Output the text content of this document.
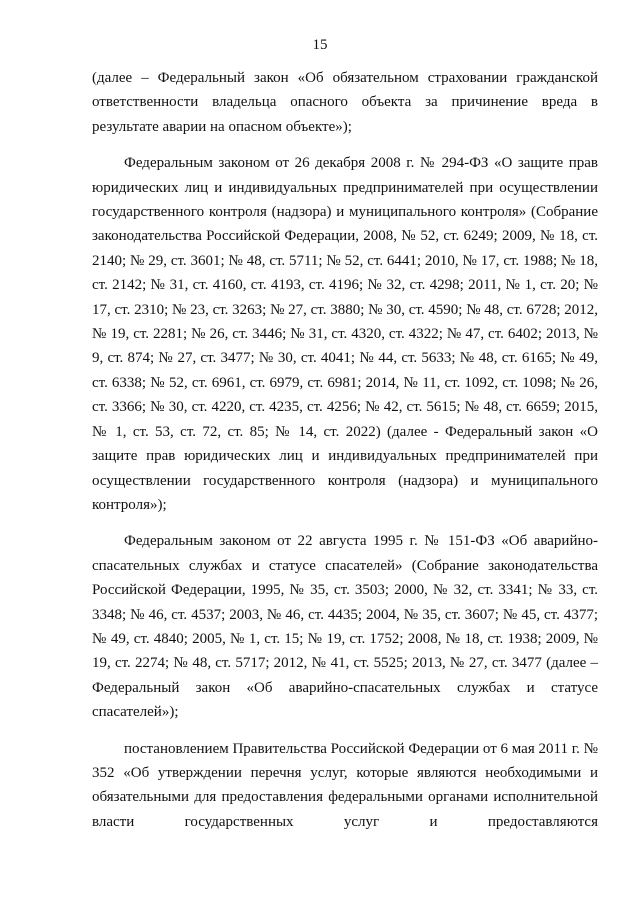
15

(далее – Федеральный закон «Об обязательном страховании гражданской ответственности владельца опасного объекта за причинение вреда в результате аварии на опасном объекте»);

Федеральным законом от 26 декабря 2008 г. № 294-ФЗ «О защите прав юридических лиц и индивидуальных предпринимателей при осуществлении государственного контроля (надзора) и муниципального контроля» (Собрание законодательства Российской Федерации, 2008, № 52, ст. 6249; 2009, № 18, ст. 2140; № 29, ст. 3601; № 48, ст. 5711; № 52, ст. 6441; 2010, № 17, ст. 1988; № 18, ст. 2142; № 31, ст. 4160, ст. 4193, ст. 4196; № 32, ст. 4298; 2011, № 1, ст. 20; № 17, ст. 2310; № 23, ст. 3263; № 27, ст. 3880; № 30, ст. 4590; № 48, ст. 6728; 2012, № 19, ст. 2281; № 26, ст. 3446; № 31, ст. 4320, ст. 4322; № 47, ст. 6402; 2013, № 9, ст. 874; № 27, ст. 3477; № 30, ст. 4041; № 44, ст. 5633; № 48, ст. 6165; № 49, ст. 6338; № 52, ст. 6961, ст. 6979, ст. 6981; 2014, № 11, ст. 1092, ст. 1098; № 26, ст. 3366; № 30, ст. 4220, ст. 4235, ст. 4256; № 42, ст. 5615; № 48, ст. 6659; 2015, № 1, ст. 53, ст. 72, ст. 85; № 14, ст. 2022) (далее - Федеральный закон «О защите прав юридических лиц и индивидуальных предпринимателей при осуществлении государственного контроля (надзора) и муниципального контроля»);

Федеральным законом от 22 августа 1995 г. № 151-ФЗ «Об аварийно-спасательных службах и статусе спасателей» (Собрание законодательства Российской Федерации, 1995, № 35, ст. 3503; 2000, № 32, ст. 3341; № 33, ст. 3348; № 46, ст. 4537; 2003, № 46, ст. 4435; 2004, № 35, ст. 3607; № 45, ст. 4377; № 49, ст. 4840; 2005, № 1, ст. 15; № 19, ст. 1752; 2008, № 18, ст. 1938; 2009, № 19, ст. 2274; № 48, ст. 5717; 2012, № 41, ст. 5525; 2013, № 27, ст. 3477 (далее – Федеральный закон «Об аварийно-спасательных службах и статусе спасателей»);

постановлением Правительства Российской Федерации от 6 мая 2011 г. № 352 «Об утверждении перечня услуг, которые являются необходимыми и обязательными для предоставления федеральными органами исполнительной власти государственных услуг и предоставляются
